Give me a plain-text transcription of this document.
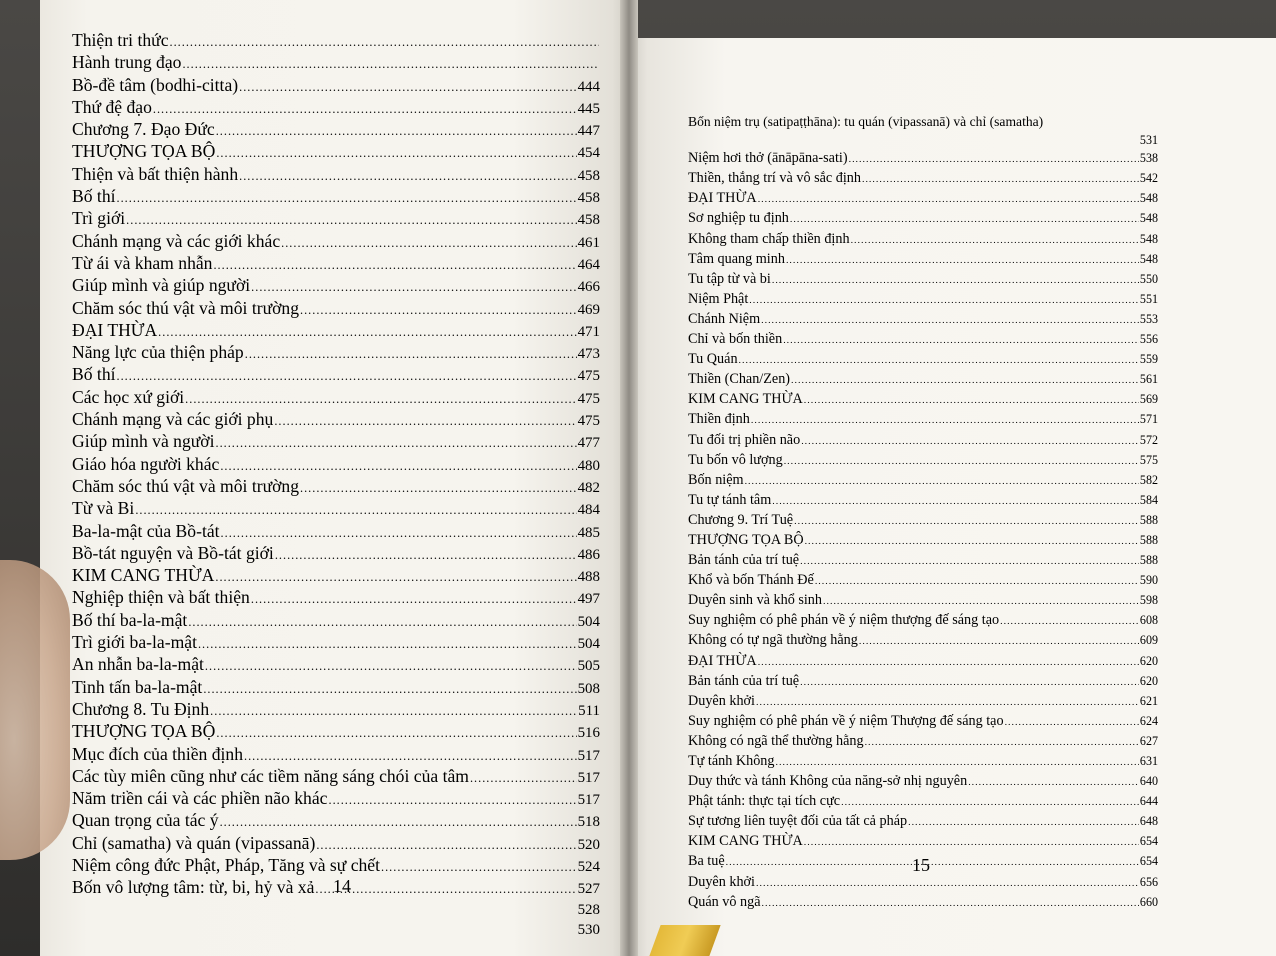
Thiện tri thức
.....
Hành trung đạo
.....
Bồ-đề tâm (bodhi-citta) .....	444
Thứ đệ đạo .....	445
Chương 7. Đạo Đức .....	447
THƯỢNG TỌA BỘ .....	454
Thiện và bất thiện hành .....	458
Bố thí .....	458
Trì giới .....	458
Chánh mạng và các giới khác .....	461
Từ ái và kham nhẫn .....	464
Giúp mình và giúp người .....	466
Chăm sóc thú vật và môi trường .....	469
ĐẠI THỪA .....	471
Năng lực của thiện pháp .....	473
Bố thí .....	475
Các học xứ giới .....	475
Chánh mạng và các giới phụ .....	475
Giúp mình và người .....	477
Giáo hóa người khác .....	480
Chăm sóc thú vật và môi trường .....	482
Từ và Bi .....	484
Ba-la-mật của Bồ-tát .....	485
Bồ-tát nguyện và Bồ-tát giới .....	486
KIM CANG THỪA .....	488
Nghiệp thiện và bất thiện .....	497
Bố thí ba-la-mật .....	504
Trì giới ba-la-mật .....	504
An nhẫn ba-la-mật .....	505
Tinh tấn ba-la-mật .....	508
Chương 8. Tu Định .....	511
THƯỢNG TỌA BỘ .....	516
Mục đích của thiền định .....	517
Các tùy miên cũng như các tiềm năng sáng chói của tâm .....	517
Năm triền cái và các phiền não khác .....	517
Quan trọng của tác ý .....	518
Chỉ (samatha) và quán (vipassanā) .....	520
Niệm công đức Phật, Pháp, Tăng và sự chết .....	524
Bốn vô lượng tâm: từ, bi, hỷ và xả .....	527
528
530
Bốn niệm trụ (satipaṭṭhāna): tu quán (vipassanā) và chỉ (samatha)
531
Niệm hơi thở (ānāpāna-sati) .....	538
Thiền, thắng trí và vô sắc định .....	542
ĐẠI THỪA .....	548
Sơ nghiệp tu định .....	548
Không tham chấp thiền định .....	548
Tâm quang minh .....	548
Tu tập từ và bi .....	550
Niệm Phật .....	551
Chánh Niệm .....	553
Chỉ và bốn thiền .....	556
Tu Quán .....	559
Thiền (Chan/Zen) .....	561
KIM CANG THỪA .....	569
Thiền định .....	571
Tu đối trị phiền não .....	572
Tu bốn vô lượng .....	575
Bốn niệm .....	582
Tu tự tánh tâm .....	584
Chương 9. Trí Tuệ .....	588
THƯỢNG TỌA BỘ .....	588
Bản tánh của trí tuệ .....	588
Khổ và bốn Thánh Đế .....	590
Duyên sinh và khổ sinh .....	598
Suy nghiệm có phê phán về ý niệm thượng đế sáng tạo .....	608
Không có tự ngã thường hằng .....	609
ĐẠI THỪA .....	620
Bản tánh của trí tuệ .....	620
Duyên khởi .....	621
Suy nghiệm có phê phán về ý niệm Thượng đế sáng tạo .....	624
Không có ngã thể thường hằng .....	627
Tự tánh Không .....	631
Duy thức và tánh Không của năng-sở nhị nguyên .....	640
Phật tánh: thực tại tích cực .....	644
Sự tương liên tuyệt đối của tất cả pháp .....	648
KIM CANG THỪA .....	654
Ba tuệ .....	654
Duyên khởi .....	656
Quán vô ngã .....	660
14
15
